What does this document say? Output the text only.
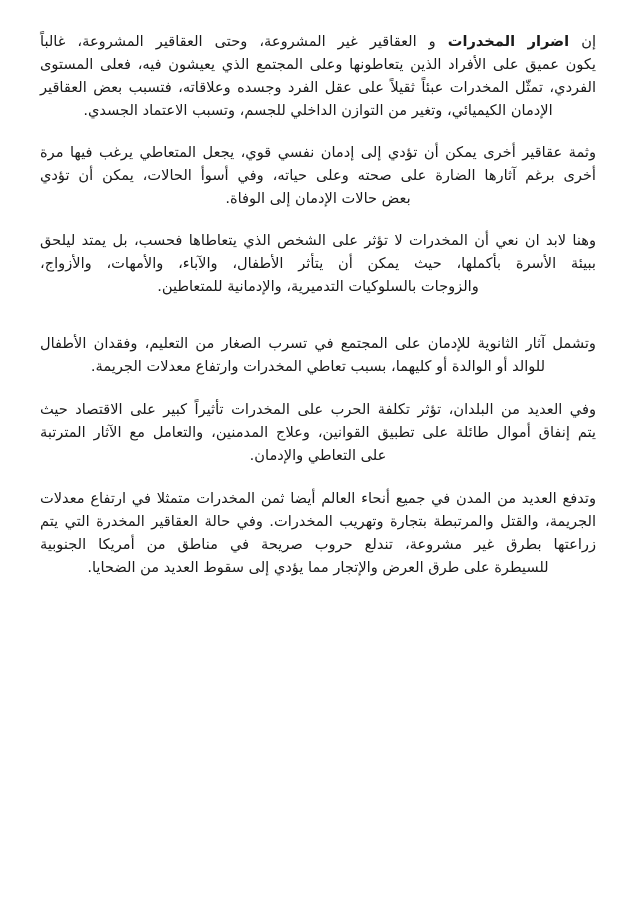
إن اضرار المخدرات و العقاقير غير المشروعة، وحتى العقاقير المشروعة، غالباً
يكون عميق على الأفراد الذين يتعاطونها وعلى المجتمع الذي يعيشون فيه، فعلى المستوى
الفردي، تمثّل المخدرات عبئاً ثقيلاً على عقل الفرد وجسده وعلاقاته، فتسبب بعض العقاقير
الإدمان الكيميائي، وتغير من التوازن الداخلي للجسم، وتسبب الاعتماد الجسدي.

وثمة عقاقير أخرى يمكن أن تؤدي إلى إدمان نفسي قوي، يجعل المتعاطي يرغب فيها مرة
أخرى برغم آثارها الضارة على صحته وعلى حياته، وفي أسوأ الحالات، يمكن أن تؤدي
بعض حالات الإدمان إلى الوفاة.

وهنا لابد ان نعي أن المخدرات لا تؤثر على الشخص الذي يتعاطاها فحسب، بل يمتد ليلحق
ببيئة الأسرة بأكملها، حيث يمكن أن يتأثر الأطفال، والآباء، والأمهات، والأزواج،
والزوجات بالسلوكيات التدميرية، والإدمانية للمتعاطين.

وتشمل آثار الثانوية للإدمان على المجتمع في تسرب الصغار من التعليم، وفقدان الأطفال
للوالد أو الوالدة أو كليهما، بسبب تعاطي المخدرات وارتفاع معدلات الجريمة.

وفي العديد من البلدان، تؤثر تكلفة الحرب على المخدرات تأثيراً كبير على الاقتصاد حيث
يتم إنفاق أموال طائلة على تطبيق القوانين، وعلاج المدمنين، والتعامل مع الآثار المترتبة
على التعاطي والإدمان.

وتدفع العديد من المدن في جميع أنحاء العالم أيضا ثمن المخدرات متمثلا في ارتفاع معدلات
الجريمة، والقتل والمرتبطة بتجارة وتهريب المخدرات. وفي حالة العقاقير المخدرة التي يتم
زراعتها بطرق غير مشروعة، تندلع حروب صريحة في مناطق من أمريكا الجنوبية
للسيطرة على طرق العرض والإتجار مما يؤدي إلى سقوط العديد من الضحايا.
